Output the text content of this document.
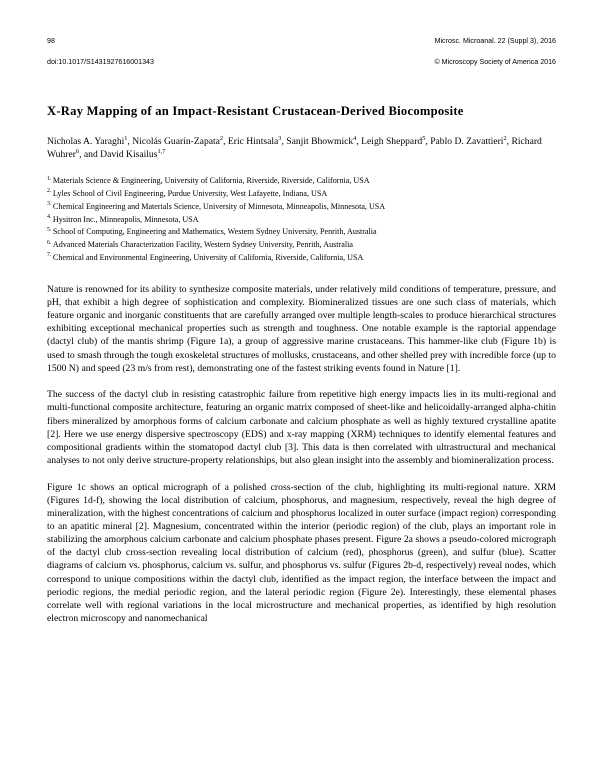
98

doi:10.1017/S1431927616001343

Microsc. Microanal. 22 (Suppl 3), 2016

© Microscopy Society of America 2016

X-Ray Mapping of an Impact-Resistant Crustacean-Derived Biocomposite
Nicholas A. Yaraghi$^1$, Nicolás Guarín-Zapata$^2$, Eric Hintsala$^3$, Sanjit Bhowmick$^4$, Leigh Sheppard$^5$, Pablo D. Zavattieri$^2$, Richard Wuhrer$^6$, and David Kisailus$^{1,7}$
$^{1.}$ Materials Science & Engineering, University of California, Riverside, Riverside, California, USA
$^{2.}$ Lyles School of Civil Engineering, Purdue University, West Lafayette, Indiana, USA
$^{3.}$ Chemical Engineering and Materials Science, University of Minnesota, Minneapolis, Minnesota, USA
$^{4.}$ Hysitron Inc., Minneapolis, Minnesota, USA
$^{5.}$ School of Computing, Engineering and Mathematics, Western Sydney University, Penrith, Australia
$^{6.}$ Advanced Materials Characterization Facility, Western Sydney University, Penrith, Australia
$^{7.}$ Chemical and Environmental Engineering, University of California, Riverside, California, USA

Nature is renowned for its ability to synthesize composite materials, under relatively mild conditions of temperature, pressure, and pH, that exhibit a high degree of sophistication and complexity. Biomineralized tissues are one such class of materials, which feature organic and inorganic constituents that are carefully arranged over multiple length-scales to produce hierarchical structures exhibiting exceptional mechanical properties such as strength and toughness. One notable example is the raptorial appendage (dactyl club) of the mantis shrimp (Figure 1a), a group of aggressive marine crustaceans. This hammer-like club (Figure 1b) is used to smash through the tough exoskeletal structures of mollusks, crustaceans, and other shelled prey with incredible force (up to 1500 N) and speed (23 m/s from rest), demonstrating one of the fastest striking events found in Nature [1].

The success of the dactyl club in resisting catastrophic failure from repetitive high energy impacts lies in its multi-regional and multi-functional composite architecture, featuring an organic matrix composed of sheet-like and helicoidally-arranged alpha-chitin fibers mineralized by amorphous forms of calcium carbonate and calcium phosphate as well as highly textured crystalline apatite [2]. Here we use energy dispersive spectroscopy (EDS) and x-ray mapping (XRM) techniques to identify elemental features and compositional gradients within the stomatopod dactyl club [3]. This data is then correlated with ultrastructural and mechanical analyses to not only derive structure-property relationships, but also glean insight into the assembly and biomineralization process.

Figure 1c shows an optical micrograph of a polished cross-section of the club, highlighting its multi-regional nature. XRM (Figures 1d-f), showing the local distribution of calcium, phosphorus, and magnesium, respectively, reveal the high degree of mineralization, with the highest concentrations of calcium and phosphorus localized in outer surface (impact region) corresponding to an apatitic mineral [2]. Magnesium, concentrated within the interior (periodic region) of the club, plays an important role in stabilizing the amorphous calcium carbonate and calcium phosphate phases present. Figure 2a shows a pseudo-colored micrograph of the dactyl club cross-section revealing local distribution of calcium (red), phosphorus (green), and sulfur (blue). Scatter diagrams of calcium vs. phosphorus, calcium vs. sulfur, and phosphorus vs. sulfur (Figures 2b-d, respectively) reveal nodes, which correspond to unique compositions within the dactyl club, identified as the impact region, the interface between the impact and periodic regions, the medial periodic region, and the lateral periodic region (Figure 2e). Interestingly, these elemental phases correlate well with regional variations in the local microstructure and mechanical properties, as identified by high resolution electron microscopy and nanomechanical
